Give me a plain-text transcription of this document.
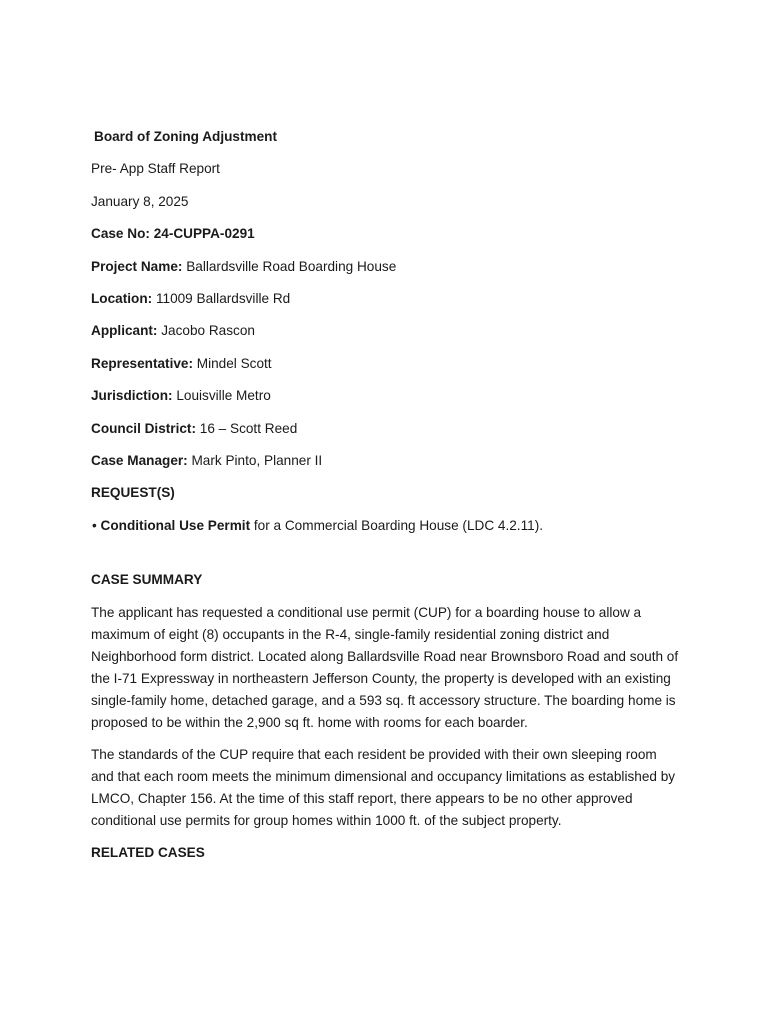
Board of Zoning Adjustment
Pre- App Staff Report
January 8, 2025
Case No: 24-CUPPA-0291
Project Name: Ballardsville Road Boarding House
Location: 11009 Ballardsville Rd
Applicant: Jacobo Rascon
Representative: Mindel Scott
Jurisdiction: Louisville Metro
Council District: 16 – Scott Reed
Case Manager: Mark Pinto, Planner II
REQUEST(S)
• Conditional Use Permit for a Commercial Boarding House (LDC 4.2.11).
CASE SUMMARY

The applicant has requested a conditional use permit (CUP) for a boarding house to allow a maximum of eight (8) occupants in the R-4, single-family residential zoning district and Neighborhood form district. Located along Ballardsville Road near Brownsboro Road and south of the I-71 Expressway in northeastern Jefferson County, the property is developed with an existing single-family home, detached garage, and a 593 sq. ft accessory structure. The boarding home is proposed to be within the 2,900 sq ft. home with rooms for each boarder.

The standards of the CUP require that each resident be provided with their own sleeping room and that each room meets the minimum dimensional and occupancy limitations as established by LMCO, Chapter 156. At the time of this staff report, there appears to be no other approved conditional use permits for group homes within 1000 ft. of the subject property.

RELATED CASES
